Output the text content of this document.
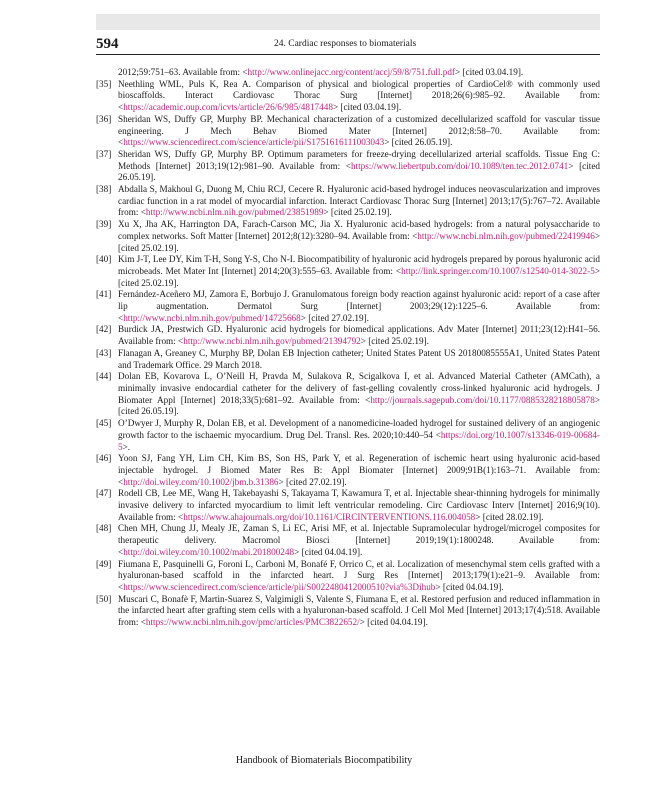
594	24. Cardiac responses to biomaterials
2012;59:751–63. Available from: <http://www.onlinejacc.org/content/accj/59/8/751.full.pdf> [cited 03.04.19].
[35] Neethling WML, Puls K, Rea A. Comparison of physical and biological properties of CardioCel® with commonly used bioscaffolds. Interact Cardiovasc Thorac Surg [Internet] 2018;26(6):985–92. Available from: <https://academic.oup.com/icvts/article/26/6/985/4817448> [cited 03.04.19].
[36] Sheridan WS, Duffy GP, Murphy BP. Mechanical characterization of a customized decellularized scaffold for vascular tissue engineering. J Mech Behav Biomed Mater [Internet] 2012;8:58–70. Available from: <https://www.sciencedirect.com/science/article/pii/S1751616111003043> [cited 26.05.19].
[37] Sheridan WS, Duffy GP, Murphy BP. Optimum parameters for freeze-drying decellularized arterial scaffolds. Tissue Eng C: Methods [Internet] 2013;19(12):981–90. Available from: <https://www.liebertpub.com/doi/10.1089/ten.tec.2012.0741> [cited 26.05.19].
[38] Abdalla S, Makhoul G, Duong M, Chiu RCJ, Cecere R. Hyaluronic acid-based hydrogel induces neovascularization and improves cardiac function in a rat model of myocardial infarction. Interact Cardiovasc Thorac Surg [Internet] 2013;17(5):767–72. Available from: <http://www.ncbi.nlm.nih.gov/pubmed/23851989> [cited 25.02.19].
[39] Xu X, Jha AK, Harrington DA, Farach-Carson MC, Jia X. Hyaluronic acid-based hydrogels: from a natural polysaccharide to complex networks. Soft Matter [Internet] 2012;8(12):3280–94. Available from: <http://www.ncbi.nlm.nih.gov/pubmed/22419946> [cited 25.02.19].
[40] Kim J-T, Lee DY, Kim T-H, Song Y-S, Cho N-I. Biocompatibility of hyaluronic acid hydrogels prepared by porous hyaluronic acid microbeads. Met Mater Int [Internet] 2014;20(3):555–63. Available from: <http://link.springer.com/10.1007/s12540-014-3022-5> [cited 25.02.19].
[41] Fernández-Aceñero MJ, Zamora E, Borbujo J. Granulomatous foreign body reaction against hyaluronic acid: report of a case after lip augmentation. Dermatol Surg [Internet] 2003;29(12):1225–6. Available from: <http://www.ncbi.nlm.nih.gov/pubmed/14725668> [cited 27.02.19].
[42] Burdick JA, Prestwich GD. Hyaluronic acid hydrogels for biomedical applications. Adv Mater [Internet] 2011;23(12):H41–56. Available from: <http://www.ncbi.nlm.nih.gov/pubmed/21394792> [cited 25.02.19].
[43] Flanagan A, Greaney C, Murphy BP, Dolan EB Injection catheter; United States Patent US 20180085555A1, United States Patent and Trademark Office. 29 March 2018.
[44] Dolan EB, Kovarova L, O’Neill H, Pravda M, Sulakova R, Scigalkova I, et al. Advanced Material Catheter (AMCath), a minimally invasive endocardial catheter for the delivery of fast-gelling covalently cross-linked hyaluronic acid hydrogels. J Biomater Appl [Internet] 2018;33(5):681–92. Available from: <http://journals.sagepub.com/doi/10.1177/0885328218805878> [cited 26.05.19].
[45] O’Dwyer J, Murphy R, Dolan EB, et al. Development of a nanomedicine-loaded hydrogel for sustained delivery of an angiogenic growth factor to the ischaemic myocardium. Drug Del. Transl. Res. 2020;10:440–54 <https://doi.org/10.1007/s13346-019-00684-5>.
[46] Yoon SJ, Fang YH, Lim CH, Kim BS, Son HS, Park Y, et al. Regeneration of ischemic heart using hyaluronic acid-based injectable hydrogel. J Biomed Mater Res B: Appl Biomater [Internet] 2009;91B(1):163–71. Available from: <http://doi.wiley.com/10.1002/jbm.b.31386> [cited 27.02.19].
[47] Rodell CB, Lee ME, Wang H, Takebayashi S, Takayama T, Kawamura T, et al. Injectable shear-thinning hydrogels for minimally invasive delivery to infarcted myocardium to limit left ventricular remodeling. Circ Cardiovasc Interv [Internet] 2016;9(10). Available from: <https://www.ahajournals.org/doi/10.1161/CIRCINTERVENTIONS.116.004058> [cited 28.02.19].
[48] Chen MH, Chung JJ, Mealy JE, Zaman S, Li EC, Arisi MF, et al. Injectable Supramolecular hydrogel/microgel composites for therapeutic delivery. Macromol Biosci [Internet] 2019;19(1):1800248. Available from: <http://doi.wiley.com/10.1002/mabi.201800248> [cited 04.04.19].
[49] Fiumana E, Pasquinelli G, Foroni L, Carboni M, Bonafé F, Orrico C, et al. Localization of mesenchymal stem cells grafted with a hyaluronan-based scaffold in the infarcted heart. J Surg Res [Internet] 2013;179(1):e21–9. Available from: <https://www.sciencedirect.com/science/article/pii/S0022480412000510?via%3Dihub> [cited 04.04.19].
[50] Muscari C, Bonafè F, Martin-Suarez S, Valgimigli S, Valente S, Fiumana E, et al. Restored perfusion and reduced inflammation in the infarcted heart after grafting stem cells with a hyaluronan-based scaffold. J Cell Mol Med [Internet] 2013;17(4):518. Available from: <https://www.ncbi.nlm.nih.gov/pmc/articles/PMC3822652/> [cited 04.04.19].
Handbook of Biomaterials Biocompatibility
